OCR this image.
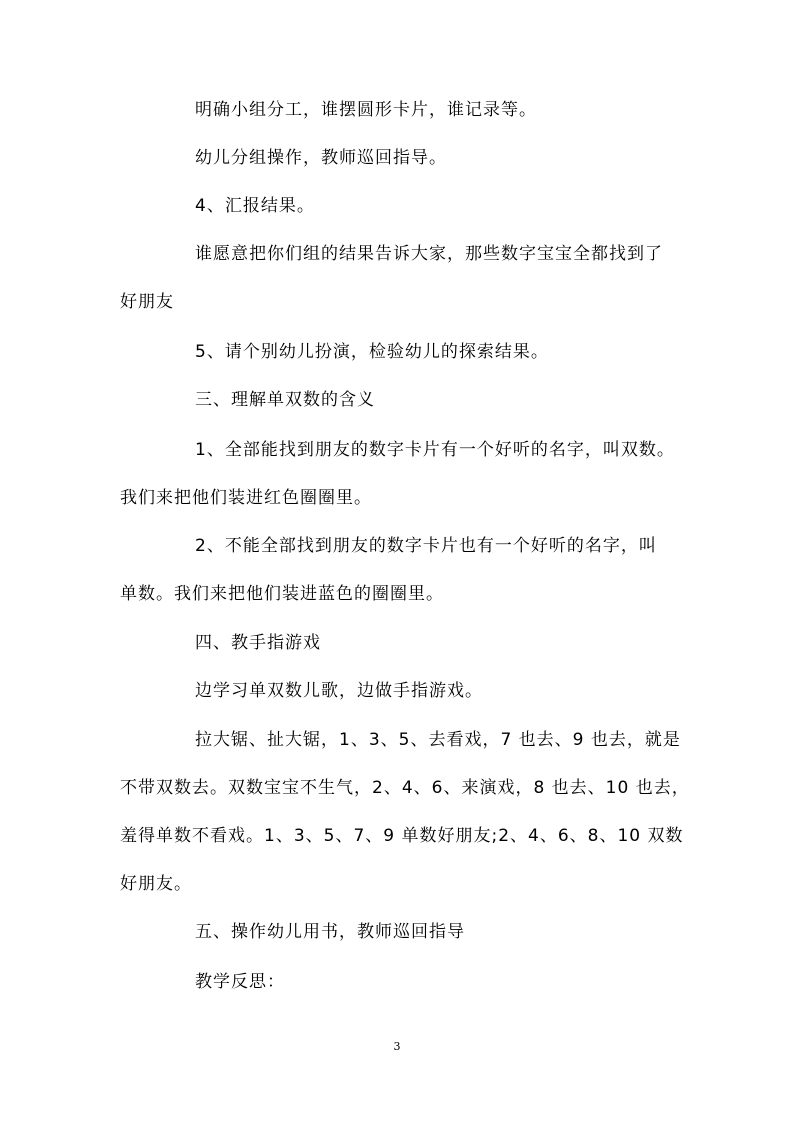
明确小组分工，谁摆圆形卡片，谁记录等。
幼儿分组操作，教师巡回指导。
4、汇报结果。
谁愿意把你们组的结果告诉大家，那些数字宝宝全都找到了
好朋友
5、请个别幼儿扮演，检验幼儿的探索结果。
三、理解单双数的含义
1、全部能找到朋友的数字卡片有一个好听的名字，叫双数。
我们来把他们装进红色圈圈里。
2、不能全部找到朋友的数字卡片也有一个好听的名字，叫
单数。我们来把他们装进蓝色的圈圈里。
四、教手指游戏
边学习单双数儿歌，边做手指游戏。
拉大锯、扯大锯，1、3、5、去看戏，7 也去、9 也去，就是
不带双数去。双数宝宝不生气，2、4、6、来演戏，8 也去、10 也去，
羞得单数不看戏。1、3、5、7、9 单数好朋友;2、4、6、8、10 双数
好朋友。
五、操作幼儿用书，教师巡回指导
教学反思：
3
